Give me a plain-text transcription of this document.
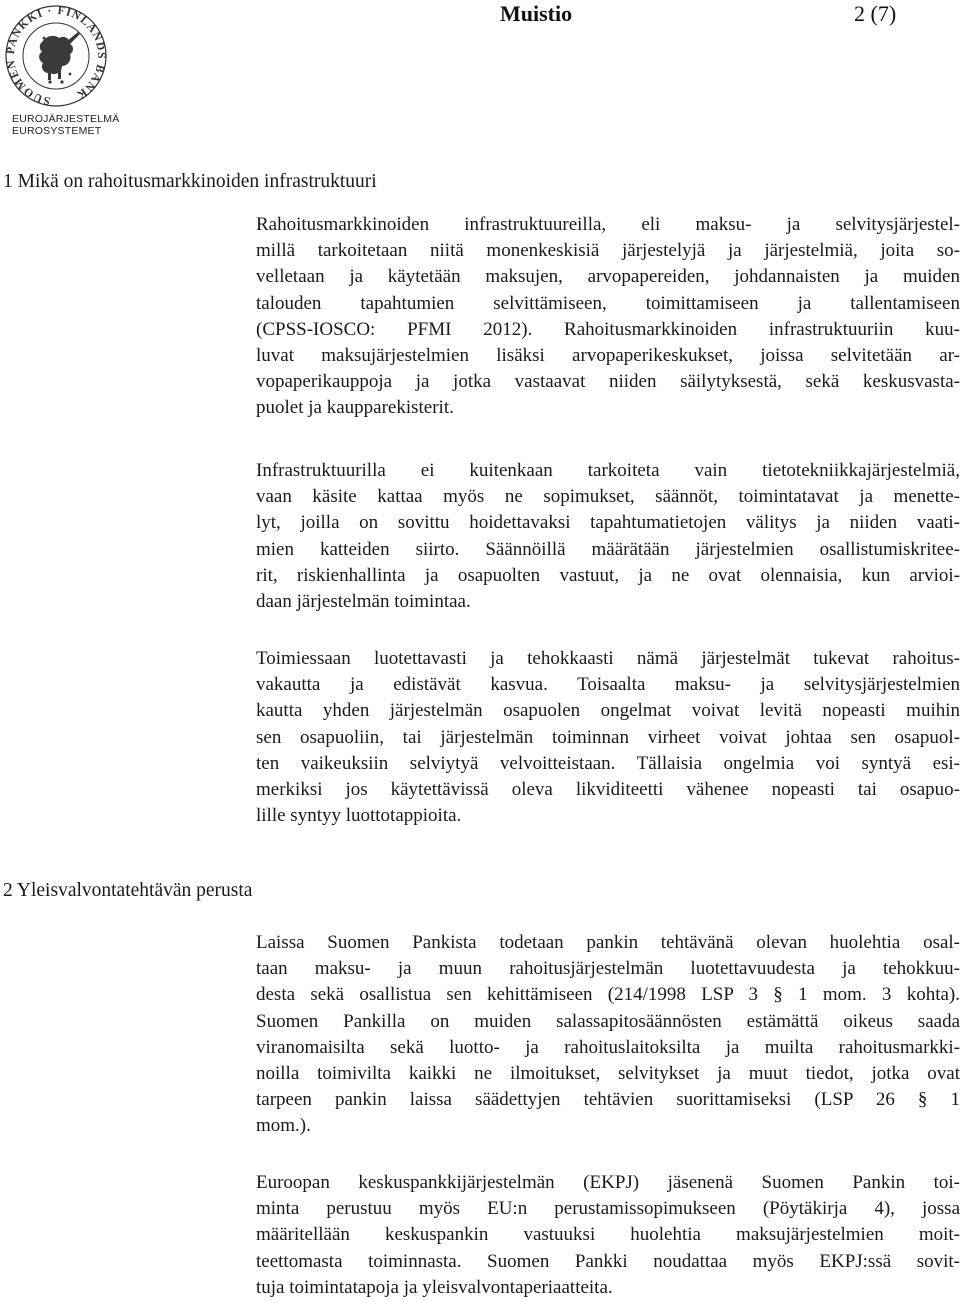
SUOMEN PANKKI · FINLANDS BANK
EUROJÄRJESTELMÄ
EUROSYSTEMET
Muistio	2 (7)
1 Mikä on rahoitusmarkkinoiden infrastruktuuri

Rahoitusmarkkinoiden infrastruktuureilla, eli maksu- ja selvitysjärjestel-
millä tarkoitetaan niitä monenkeskisiä järjestelyjä ja järjestelmiä, joita so-
velletaan ja käytetään maksujen, arvopapereiden, johdannaisten ja muiden
talouden tapahtumien selvittämiseen, toimittamiseen ja tallentamiseen
(CPSS-IOSCO: PFMI 2012). Rahoitusmarkkinoiden infrastruktuuriin kuu-
luvat maksujärjestelmien lisäksi arvopaperikeskukset, joissa selvitetään ar-
vopaperikauppoja ja jotka vastaavat niiden säilytyksestä, sekä keskusvasta-
puolet ja kaupparekisterit.

Infrastruktuurilla ei kuitenkaan tarkoiteta vain tietotekniikkajärjestelmiä,
vaan käsite kattaa myös ne sopimukset, säännöt, toimintatavat ja menette-
lyt, joilla on sovittu hoidettavaksi tapahtumatietojen välitys ja niiden vaati-
mien katteiden siirto. Säännöillä määrätään järjestelmien osallistumiskriteе-
rit, riskienhallinta ja osapuolten vastuut, ja ne ovat olennaisia, kun arvioi-
daan järjestelmän toimintaa.

Toimiessaan luotettavasti ja tehokkaasti nämä järjestelmät tukevat rahoitus-
vakautta ja edistävät kasvua. Toisaalta maksu- ja selvitysjärjestelmien
kautta yhden järjestelmän osapuolen ongelmat voivat levitä nopeasti muihin
sen osapuoliin, tai järjestelmän toiminnan virheet voivat johtaa sen osapuol-
ten vaikeuksiin selviytyä velvoitteistaan. Tällaisia ongelmia voi syntyä esi-
merkiksi jos käytettävissä oleva likviditeetti vähenee nopeasti tai osapuo-
lille syntyy luottotappioita.

2 Yleisvalvontatehtävän perusta

Laissa Suomen Pankista todetaan pankin tehtävänä olevan huolehtia osal-
taan maksu- ja muun rahoitusjärjestelmän luotettavuudesta ja tehokkuu-
desta sekä osallistua sen kehittämiseen (214/1998 LSP 3 § 1 mom. 3 kohta).
Suomen Pankilla on muiden salassapitosäännösten estämättä oikeus saada
viranomaisilta sekä luotto- ja rahoituslaitoksilta ja muilta rahoitusmarkki-
noilla toimivilta kaikki ne ilmoitukset, selvitykset ja muut tiedot, jotka ovat
tarpeen pankin laissa säädettyjen tehtävien suorittamiseksi (LSP 26 § 1
mom.).

Euroopan keskuspankkijärjestelmän (EKPJ) jäsenenä Suomen Pankin toi-
minta perustuu myös EU:n perustamissopimukseen (Pöytäkirja 4), jossa
määritellään keskuspankin vastuuksi huolehtia maksujärjestelmien moit-
teettomasta toiminnasta. Suomen Pankki noudattaa myös EKPJ:ssä sovit-
tuja toimintatapoja ja yleisvalvontaperiaatteita.
